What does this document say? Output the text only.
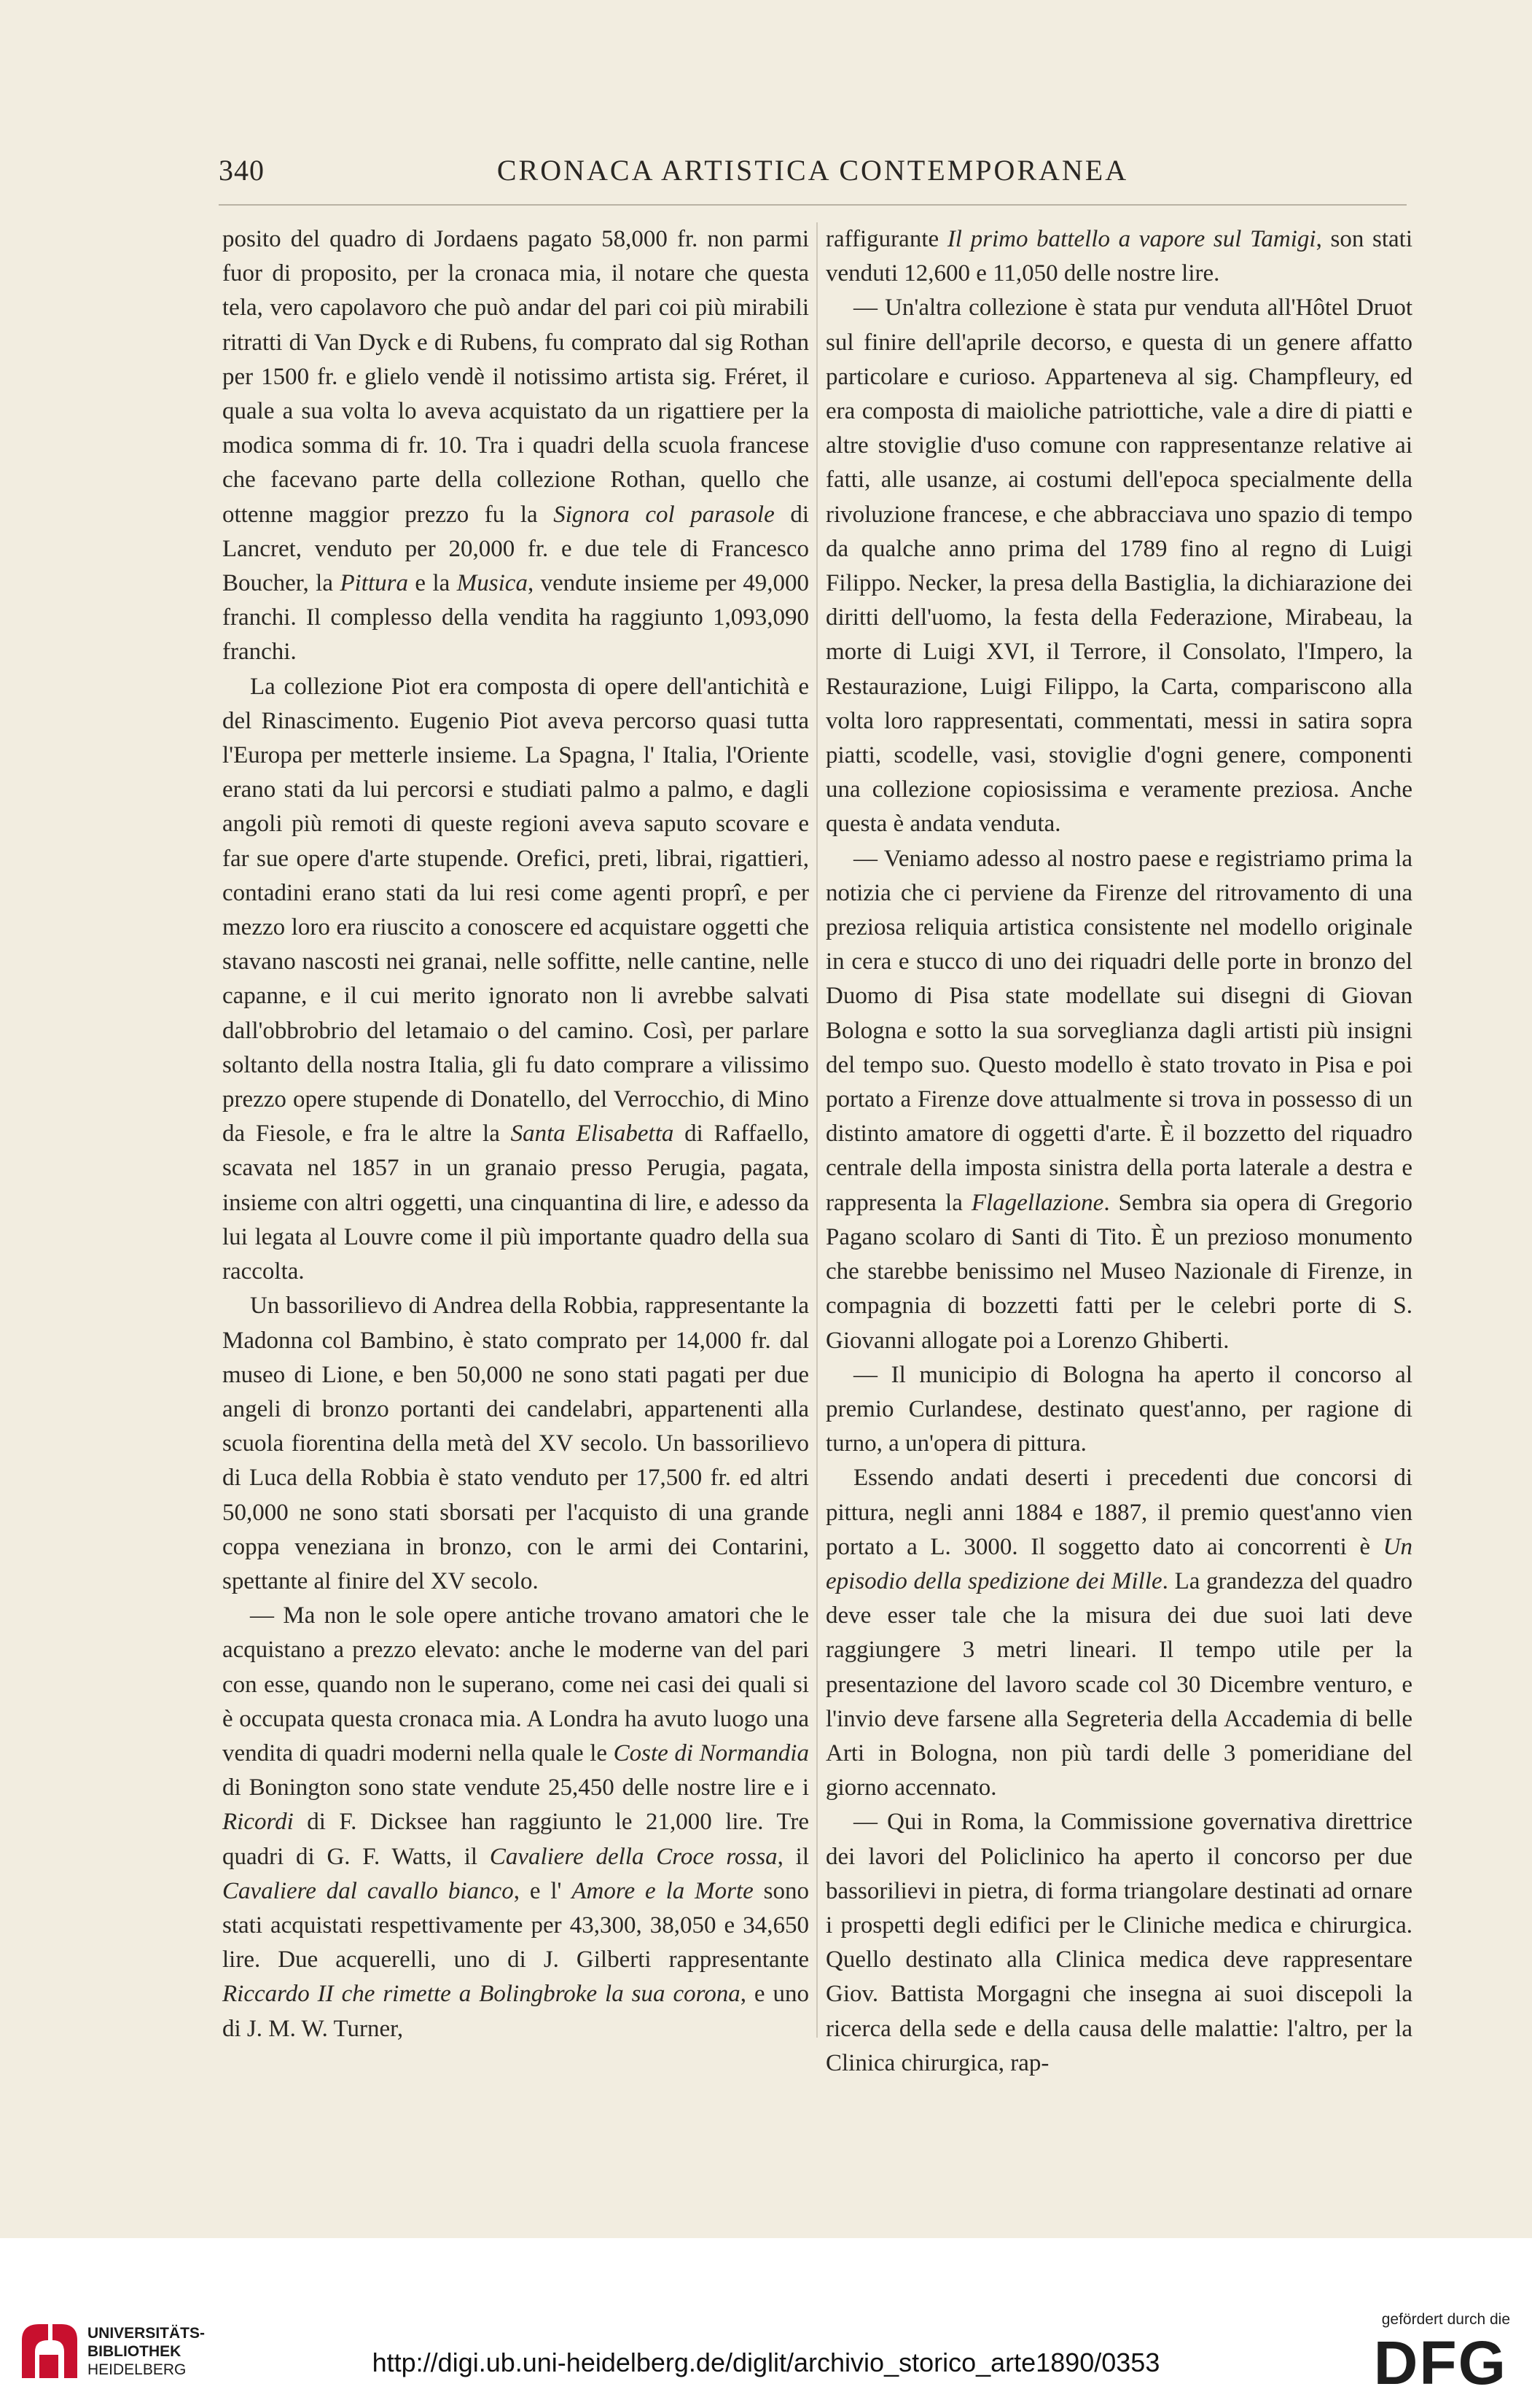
340	CRONACA ARTISTICA CONTEMPORANEA

posito del quadro di Jordaens pagato 58,000 fr. non parmi fuor di proposito, per la cronaca mia, il notare che questa tela, vero capolavoro che può andar del pari coi più mirabili ritratti di Van Dyck e di Rubens, fu comprato dal sig Rothan per 1500 fr. e glielo vendè il notissimo artista sig. Fréret, il quale a sua volta lo aveva acquistato da un rigattiere per la modica somma di fr. 10. Tra i quadri della scuola francese che facevano parte della collezione Rothan, quello che ottenne maggior prezzo fu la Signora col parasole di Lancret, venduto per 20,000 fr. e due tele di Francesco Boucher, la Pittura e la Musica, vendute insieme per 49,000 franchi. Il complesso della vendita ha raggiunto 1,093,090 franchi.

La collezione Piot era composta di opere dell'antichità e del Rinascimento. Eugenio Piot aveva percorso quasi tutta l'Europa per metterle insieme. La Spagna, l' Italia, l'Oriente erano stati da lui percorsi e studiati palmo a palmo, e dagli angoli più remoti di queste regioni aveva saputo scovare e far sue opere d'arte stupende. Orefici, preti, librai, rigattieri, contadini erano stati da lui resi come agenti proprî, e per mezzo loro era riuscito a conoscere ed acquistare oggetti che stavano nascosti nei granai, nelle soffitte, nelle cantine, nelle capanne, e il cui merito ignorato non li avrebbe salvati dall'obbrobrio del letamaio o del camino. Così, per parlare soltanto della nostra Italia, gli fu dato comprare a vilissimo prezzo opere stupende di Donatello, del Verrocchio, di Mino da Fiesole, e fra le altre la Santa Elisabetta di Raffaello, scavata nel 1857 in un granaio presso Perugia, pagata, insieme con altri oggetti, una cinquantina di lire, e adesso da lui legata al Louvre come il più importante quadro della sua raccolta.

Un bassorilievo di Andrea della Robbia, rappresentante la Madonna col Bambino, è stato comprato per 14,000 fr. dal museo di Lione, e ben 50,000 ne sono stati pagati per due angeli di bronzo portanti dei candelabri, appartenenti alla scuola fiorentina della metà del XV secolo. Un bassorilievo di Luca della Robbia è stato venduto per 17,500 fr. ed altri 50,000 ne sono stati sborsati per l'acquisto di una grande coppa veneziana in bronzo, con le armi dei Contarini, spettante al finire del XV secolo.

— Ma non le sole opere antiche trovano amatori che le acquistano a prezzo elevato: anche le moderne van del pari con esse, quando non le superano, come nei casi dei quali si è occupata questa cronaca mia. A Londra ha avuto luogo una vendita di quadri moderni nella quale le Coste di Normandia di Bonington sono state vendute 25,450 delle nostre lire e i Ricordi di F. Dicksee han raggiunto le 21,000 lire. Tre quadri di G. F. Watts, il Cavaliere della Croce rossa, il Cavaliere dal cavallo bianco, e l' Amore e la Morte sono stati acquistati respettivamente per 43,300, 38,050 e 34,650 lire. Due acquerelli, uno di J. Gilberti rappresentante Riccardo II che rimette a Bolingbroke la sua corona, e uno di J. M. W. Turner,

raffigurante Il primo battello a vapore sul Tamigi, son stati venduti 12,600 e 11,050 delle nostre lire.

— Un'altra collezione è stata pur venduta all'Hôtel Druot sul finire dell'aprile decorso, e questa di un genere affatto particolare e curioso. Apparteneva al sig. Champfleury, ed era composta di maioliche patriottiche, vale a dire di piatti e altre stoviglie d'uso comune con rappresentanze relative ai fatti, alle usanze, ai costumi dell'epoca specialmente della rivoluzione francese, e che abbracciava uno spazio di tempo da qualche anno prima del 1789 fino al regno di Luigi Filippo. Necker, la presa della Bastiglia, la dichiarazione dei diritti dell'uomo, la festa della Federazione, Mirabeau, la morte di Luigi XVI, il Terrore, il Consolato, l'Impero, la Restaurazione, Luigi Filippo, la Carta, compariscono alla volta loro rappresentati, commentati, messi in satira sopra piatti, scodelle, vasi, stoviglie d'ogni genere, componenti una collezione copiosissima e veramente preziosa. Anche questa è andata venduta.

— Veniamo adesso al nostro paese e registriamo prima la notizia che ci perviene da Firenze del ritrovamento di una preziosa reliquia artistica consistente nel modello originale in cera e stucco di uno dei riquadri delle porte in bronzo del Duomo di Pisa state modellate sui disegni di Giovan Bologna e sotto la sua sorveglianza dagli artisti più insigni del tempo suo. Questo modello è stato trovato in Pisa e poi portato a Firenze dove attualmente si trova in possesso di un distinto amatore di oggetti d'arte. È il bozzetto del riquadro centrale della imposta sinistra della porta laterale a destra e rappresenta la Flagellazione. Sembra sia opera di Gregorio Pagano scolaro di Santi di Tito. È un prezioso monumento che starebbe benissimo nel Museo Nazionale di Firenze, in compagnia di bozzetti fatti per le celebri porte di S. Giovanni allogate poi a Lorenzo Ghiberti.

— Il municipio di Bologna ha aperto il concorso al premio Curlandese, destinato quest'anno, per ragione di turno, a un'opera di pittura.

Essendo andati deserti i precedenti due concorsi di pittura, negli anni 1884 e 1887, il premio quest'anno vien portato a L. 3000. Il soggetto dato ai concorrenti è Un episodio della spedizione dei Mille. La grandezza del quadro deve esser tale che la misura dei due suoi lati deve raggiungere 3 metri lineari. Il tempo utile per la presentazione del lavoro scade col 30 Dicembre venturo, e l'invio deve farsene alla Segreteria della Accademia di belle Arti in Bologna, non più tardi delle 3 pomeridiane del giorno accennato.

— Qui in Roma, la Commissione governativa direttrice dei lavori del Policlinico ha aperto il concorso per due bassorilievi in pietra, di forma triangolare destinati ad ornare i prospetti degli edifici per le Cliniche medica e chirurgica. Quello destinato alla Clinica medica deve rappresentare Giov. Battista Morgagni che insegna ai suoi discepoli la ricerca della sede e della causa delle malattie: l'altro, per la Clinica chirurgica, rap-

UNIVERSITÄTS-
BIBLIOTHEK
HEIDELBERG	http://digi.ub.uni-heidelberg.de/diglit/archivio_storico_arte1890/0353
gefördert durch die
DFG
